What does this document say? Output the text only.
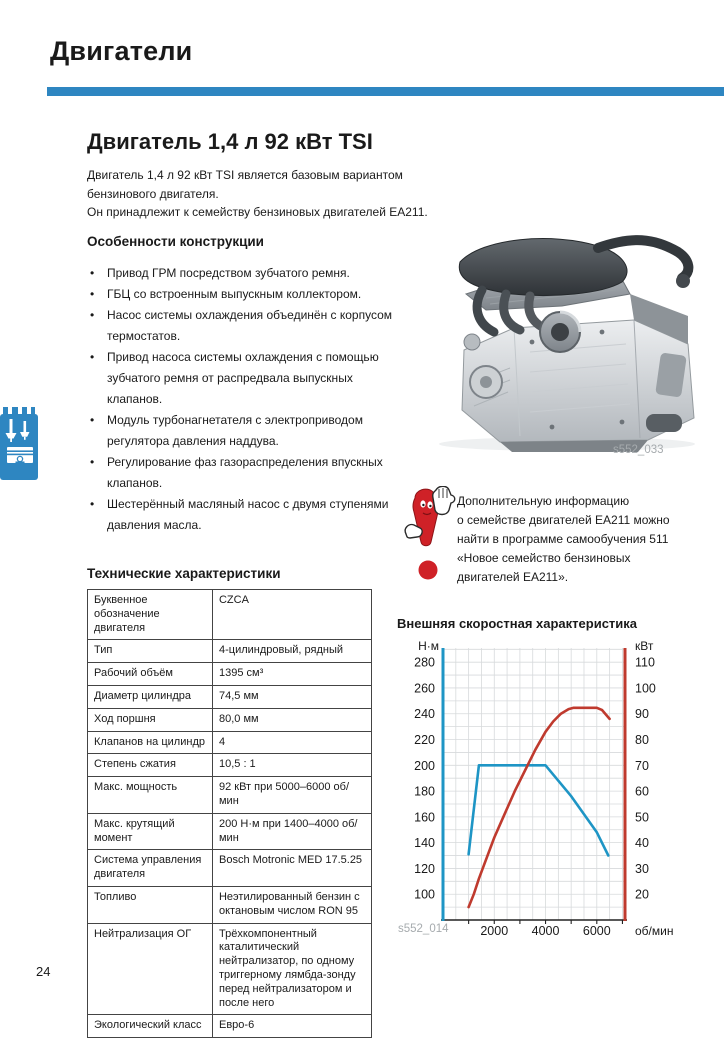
Двигатели
Двигатель 1,4 л 92 кВт TSI
Двигатель 1,4 л 92 кВт TSI является базовым вариантом бензинового двигателя.
Он принадлежит к семейству бензиновых двигателей EA211.
Особенности конструкции
• Привод ГРМ посредством зубчатого ремня.
• ГБЦ со встроенным выпускным коллектором.
• Насос системы охлаждения объединён с корпусом термостатов.
• Привод насоса системы охлаждения с помощью зубчатого ремня от распредвала выпускных клапанов.
• Модуль турбонагнетателя с электроприводом регулятора давления наддува.
• Регулирование фаз газораспределения впускных клапанов.
• Шестерённый масляный насос с двумя ступенями давления масла.
s552_033
Дополнительную информацию
о семействе двигателей EA211 можно
найти в программе самообучения 511
«Новое семейство бензиновых
двигателей EA211».
Технические характеристики
Буквенное обозначение двигателя	CZCA
Тип	4-цилиндровый, рядный
Рабочий объём	1395 см³
Диаметр цилиндра	74,5 мм
Ход поршня	80,0 мм
Клапанов на цилиндр	4
Степень сжатия	10,5 : 1
Макс. мощность	92 кВт при 5000–6000 об/мин
Макс. крутящий момент	200 Н·м при 1400–4000 об/мин
Система управления двигателя	Bosch Motronic MED 17.5.25
Топливо	Неэтилированный бензин с октановым числом RON 95
Нейтрализация ОГ	Трёхкомпонентный каталитический нейтрализатор, по одному триггерному лямбда-зонду перед нейтрализатором и после него
Экологический класс	Евро-6
Внешняя скоростная характеристика
280
260
240
220
200
180
160
140
120
100
110
100
90
80
70
60
50
40
30
20
2000 4000 6000
Н·м	кВт
об/мин
s552_014
24
